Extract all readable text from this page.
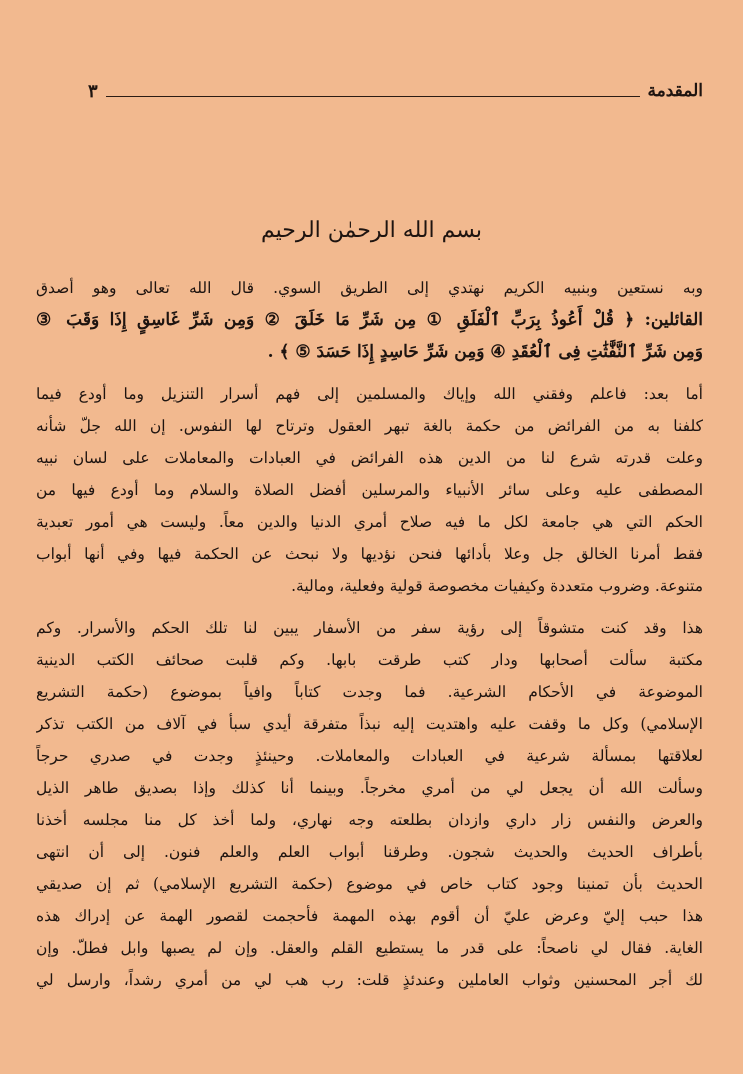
المقدمة
٣
بسم الله الرحمٰن الرحيم
وبه نستعين وبنبيه الكريم نهتدي إلى الطريق السوي. قال الله تعالى وهو أصدق
القائلين: ﴿ قُلْ أَعُوذُ بِرَبِّ ٱلْفَلَقِ ① مِن شَرِّ مَا خَلَقَ ② وَمِن شَرِّ غَاسِقٍ إِذَا وَقَبَ ③
وَمِن شَرِّ ٱلنَّفَّٰثَٰتِ فِى ٱلْعُقَدِ ④ وَمِن شَرِّ حَاسِدٍ إِذَا حَسَدَ ⑤ ﴾ .
أما بعد: فاعلم وفقني الله وإياك والمسلمين إلى فهم أسرار التنزيل وما أودع فيما
كلفنا به من الفرائض من حكمة بالغة تبهر العقول وترتاح لها النفوس. إن الله جلّ شأنه
وعلت قدرته شرع لنا من الدين هذه الفرائض في العبادات والمعاملات على لسان نبيه
المصطفى عليه وعلى سائر الأنبياء والمرسلين أفضل الصلاة والسلام وما أودع فيها من
الحكم التي هي جامعة لكل ما فيه صلاح أمري الدنيا والدين معاً. وليست هي أمور تعبدية
فقط أمرنا الخالق جل وعلا بأدائها فنحن نؤديها ولا نبحث عن الحكمة فيها وفي أنها أبواب
متنوعة. وضروب متعددة وكيفيات مخصوصة قولية وفعلية، ومالية.
هذا وقد كنت متشوقاً إلى رؤية سفر من الأسفار يبين لنا تلك الحكم والأسرار. وكم
مكتبة سألت أصحابها ودار كتب طرقت بابها. وكم قلبت صحائف الكتب الدينية
الموضوعة في الأحكام الشرعية. فما وجدت كتاباً وافياً بموضوع (حكمة التشريع
الإسلامي) وكل ما وقفت عليه واهتديت إليه نبذاً متفرقة أيدي سبأ في آلاف من الكتب تذكر
لعلاقتها بمسألة شرعية في العبادات والمعاملات. وحينئذٍ وجدت في صدري حرجاً
وسألت الله أن يجعل لي من أمري مخرجاً. وبينما أنا كذلك وإذا بصديق طاهر الذيل
والعرض والنفس زار داري وازدان بطلعته وجه نهاري، ولما أخذ كل منا مجلسه أخذنا
بأطراف الحديث والحديث شجون. وطرقنا أبواب العلم والعلم فنون. إلى أن انتهى
الحديث بأن تمنينا وجود كتاب خاص في موضوع (حكمة التشريع الإسلامي) ثم إن صديقي
هذا حبب إليّ وعرض عليّ أن أقوم بهذه المهمة فأحجمت لقصور الهمة عن إدراك هذه
الغاية. فقال لي ناصحاً: على قدر ما يستطيع القلم والعقل. وإن لم يصبها وابل فطلّ. وإن
لك أجر المحسنين وثواب العاملين وعندئذٍ قلت: رب هب لي من أمري رشداً، وارسل لي
